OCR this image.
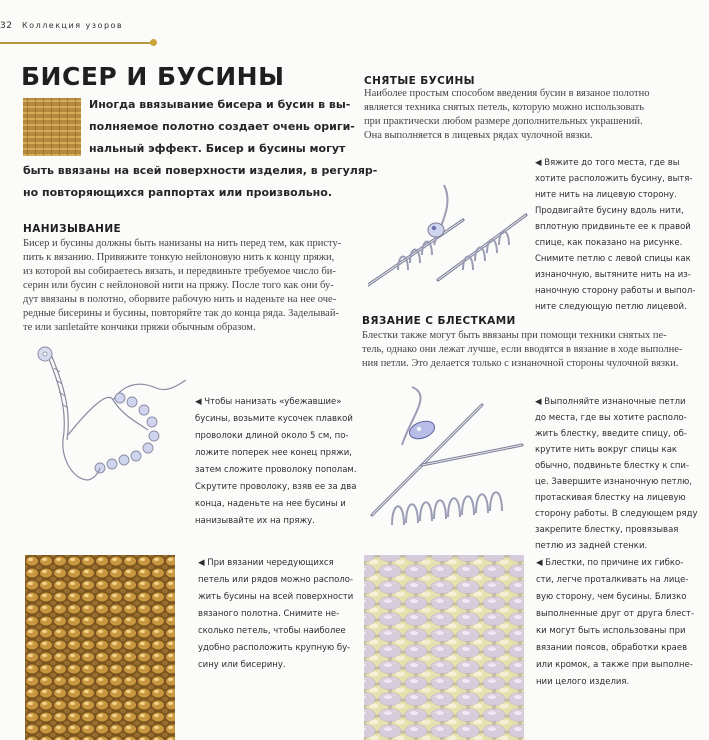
32 Коллекция узоров
БИСЕР И БУСИНЫ
Иногда ввязывание бисера и бусин в вы-
полняемое полотно создает очень ориги-
нальный эффект. Бисер и бусины могут
быть ввязаны на всей поверхности изделия, в регуляр-
но повторяющихся раппортах или произвольно.
НАНИЗЫВАНИЕ
Бисер и бусины должны быть нанизаны на нить перед тем, как присту-
пить к вязанию. Привяжите тонкую нейлоновую нить к концу пряжи,
из которой вы собираетесь вязать, и передвиньте требуемое число би-
серин или бусин с нейлоновой нити на пряжу. После того как они бу-
дут ввязаны в полотно, оборвите рабочую нить и наденьте на нее оче-
редные бисерины и бусины, повторяйте так до конца ряда. Заделывай-
те или запletайте кончики пряжи обычным образом.
◀ Чтобы нанизать «убежавшие»
бусины, возьмите кусочек плавкой
проволоки длиной около 5 см, по-
ложите поперек нее конец пряжи,
затем сложите проволоку пополам.
Скрутите проволоку, взяв ее за два
конца, наденьте на нее бусины и
нанизывайте их на пряжу.
◀ При вязании чередующихся
петель или рядов можно располо-
жить бусины на всей поверхности
вязаного полотна. Снимите не-
сколько петель, чтобы наиболее
удобно расположить крупную бу-
сину или бисерину.
СНЯТЫЕ БУСИНЫ
Наиболее простым способом введения бусин в вязаное полотно
является техника снятых петель, которую можно использовать
при практически любом размере дополнительных украшений.
Она выполняется в лицевых рядах чулочной вязки.
◀ Вяжите до того места, где вы
хотите расположить бусину, вытя-
ните нить на лицевую сторону.
Продвигайте бусину вдоль нити,
вплотную придвиньте ее к правой
спице, как показано на рисунке.
Снимите петлю с левой спицы как
изнаночную, вытяните нить на из-
наночную сторону работы и выпол-
ните следующую петлю лицевой.
ВЯЗАНИЕ С БЛЕСТКАМИ
Блестки также могут быть ввязаны при помощи техники снятых пе-
тель, однако они лежат лучше, если вводятся в вязание в ходе выполне-
ния петли. Это делается только с изнаночной стороны чулочной вязки.
◀ Выполняйте изнаночные петли
до места, где вы хотите располо-
жить блестку, введите спицу, об-
крутите нить вокруг спицы как
обычно, подвиньте блестку к спи-
це. Завершите изнаночную петлю,
протаскивая блестку на лицевую
сторону работы. В следующем ряду
закрепите блестку, провязывая
петлю из задней стенки.
◀ Блестки, по причине их гибко-
сти, легче проталкивать на лице-
вую сторону, чем бусины. Близко
выполненные друг от друга блест-
ки могут быть использованы при
вязании поясов, обработки краев
или кромок, а также при выполне-
нии целого изделия.
